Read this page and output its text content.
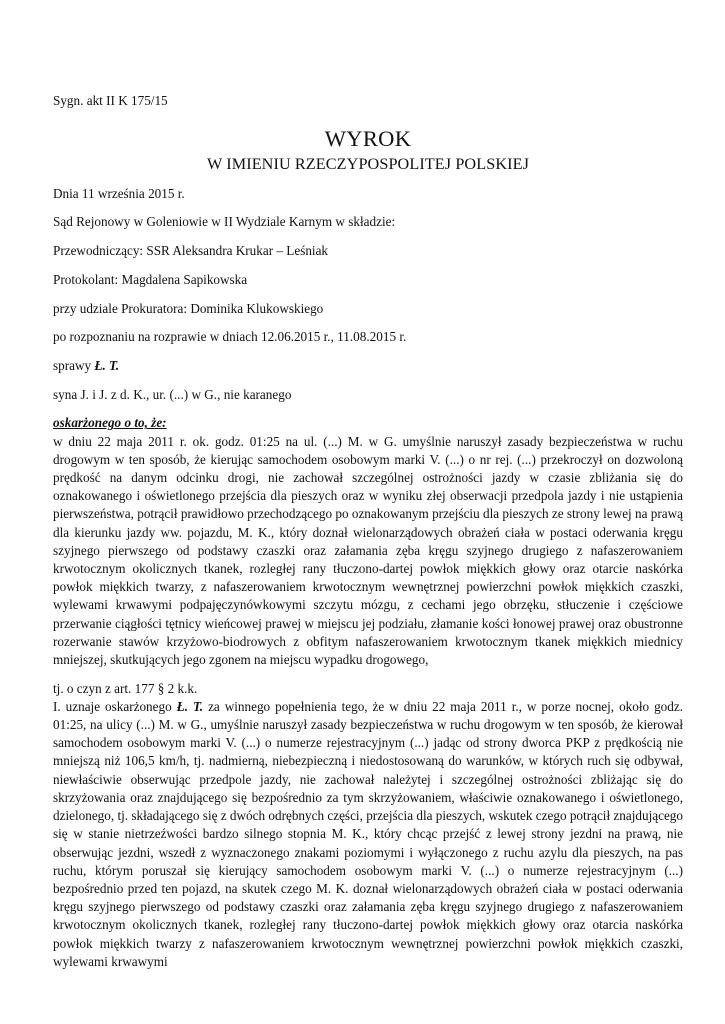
Sygn. akt II K 175/15

WYROK

W IMIENIU RZECZYPOSPOLITEJ POLSKIEJ

Dnia 11 września 2015 r.

Sąd Rejonowy w Goleniowie w II Wydziale Karnym w składzie:

Przewodniczący: SSR Aleksandra Krukar – Leśniak

Protokolant: Magdalena Sapikowska

przy udziale Prokuratora: Dominika Klukowskiego

po rozpoznaniu na rozprawie w dniach 12.06.2015 r., 11.08.2015 r.

sprawy Ł. T.

syna J. i J. z d. K., ur. (...) w G., nie karanego

oskarżonego o to, że:

w dniu 22 maja 2011 r. ok. godz. 01:25 na ul. (...) M. w G. umyślnie naruszył zasady bezpieczeństwa w ruchu drogowym w ten sposób, że kierując samochodem osobowym marki V. (...) o nr rej. (...) przekroczył on dozwoloną prędkość na danym odcinku drogi, nie zachował szczególnej ostrożności jazdy w czasie zbliżania się do oznakowanego i oświetlonego przejścia dla pieszych oraz w wyniku złej obserwacji przedpola jazdy i nie ustąpienia pierwszeństwa, potrącił prawidłowo przechodzącego po oznakowanym przejściu dla pieszych ze strony lewej na prawą dla kierunku jazdy ww. pojazdu, M. K., który doznał wielonarządowych obrażeń ciała w postaci oderwania kręgu szyjnego pierwszego od podstawy czaszki oraz załamania zęba kręgu szyjnego drugiego z nafaszerowaniem krwotocznym okolicznych tkanek, rozległej rany tłuczono-dartej powłok miękkich głowy oraz otarcie naskórka powłok miękkich twarzy, z nafaszerowaniem krwotocznym wewnętrznej powierzchni powłok miękkich czaszki, wylewami krwawymi podpajęczynówkowymi szczytu mózgu, z cechami jego obrzęku, stłuczenie i częściowe przerwanie ciągłości tętnicy wieńcowej prawej w miejscu jej podziału, złamanie kości łonowej prawej oraz obustronne rozerwanie stawów krzyżowo-biodrowych z obfitym nafaszerowaniem krwotocznym tkanek miękkich miednicy mniejszej, skutkujących jego zgonem na miejscu wypadku drogowego,

tj. o czyn z art. 177 § 2 k.k.

I. uznaje oskarżonego Ł. T. za winnego popełnienia tego, że w dniu 22 maja 2011 r., w porze nocnej, około godz. 01:25, na ulicy (...) M. w G., umyślnie naruszył zasady bezpieczeństwa w ruchu drogowym w ten sposób, że kierował samochodem osobowym marki V. (...) o numerze rejestracyjnym (...) jadąc od strony dworca PKP z prędkością nie mniejszą niż 106,5 km/h, tj. nadmierną, niebezpieczną i niedostosowaną do warunków, w których ruch się odbywał, niewłaściwie obserwując przedpole jazdy, nie zachował należytej i szczególnej ostrożności zbliżając się do skrzyżowania oraz znajdującego się bezpośrednio za tym skrzyżowaniem, właściwie oznakowanego i oświetlonego, dzielonego, tj. składającego się z dwóch odrębnych części, przejścia dla pieszych, wskutek czego potrącił znajdującego się w stanie nietrzeźwości bardzo silnego stopnia M. K., który chcąc przejść z lewej strony jezdni na prawą, nie obserwując jezdni, wszedł z wyznaczonego znakami poziomymi i wyłączonego z ruchu azylu dla pieszych, na pas ruchu, którym poruszał się kierujący samochodem osobowym marki V. (...) o numerze rejestracyjnym (...) bezpośrednio przed ten pojazd, na skutek czego M. K. doznał wielonarządowych obrażeń ciała w postaci oderwania kręgu szyjnego pierwszego od podstawy czaszki oraz załamania zęba kręgu szyjnego drugiego z nafaszerowaniem krwotocznym okolicznych tkanek, rozległej rany tłuczono-dartej powłok miękkich głowy oraz otarcia naskórka powłok miękkich twarzy z nafaszerowaniem krwotocznym wewnętrznej powierzchni powłok miękkich czaszki, wylewami krwawymi
